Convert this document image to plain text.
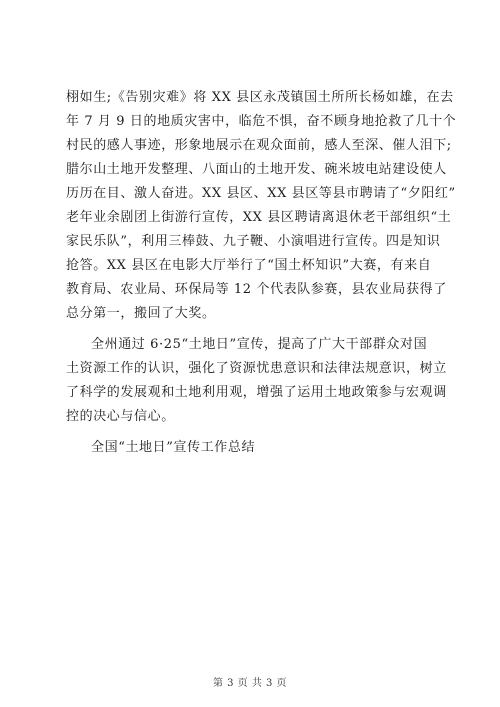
栩如生;《告别灾难》将 XX 县区永茂镇国土所所长杨如雄，在去
年 7 月 9 日的地质灾害中，临危不惧，奋不顾身地抢救了几十个
村民的感人事迹，形象地展示在观众面前，感人至深、催人泪下;
腊尔山土地开发整理、八面山的土地开发、碗米坡电站建设使人
历历在目、激人奋进。XX 县区、XX 县区等县市聘请了“夕阳红”
老年业余剧团上街游行宣传，XX 县区聘请离退休老干部组织“土
家民乐队”，利用三棒鼓、九子鞭、小演唱进行宣传。四是知识
抢答。XX 县区在电影大厅举行了“国土杯知识”大赛，有来自
教育局、农业局、环保局等 12 个代表队参赛，县农业局获得了
总分第一，搬回了大奖。
全州通过 6·25“土地日”宣传，提高了广大干部群众对国
土资源工作的认识，强化了资源忧患意识和法律法规意识，树立
了科学的发展观和土地利用观，增强了运用土地政策参与宏观调
控的决心与信心。
全国“土地日”宣传工作总结
第 3 页 共 3 页
